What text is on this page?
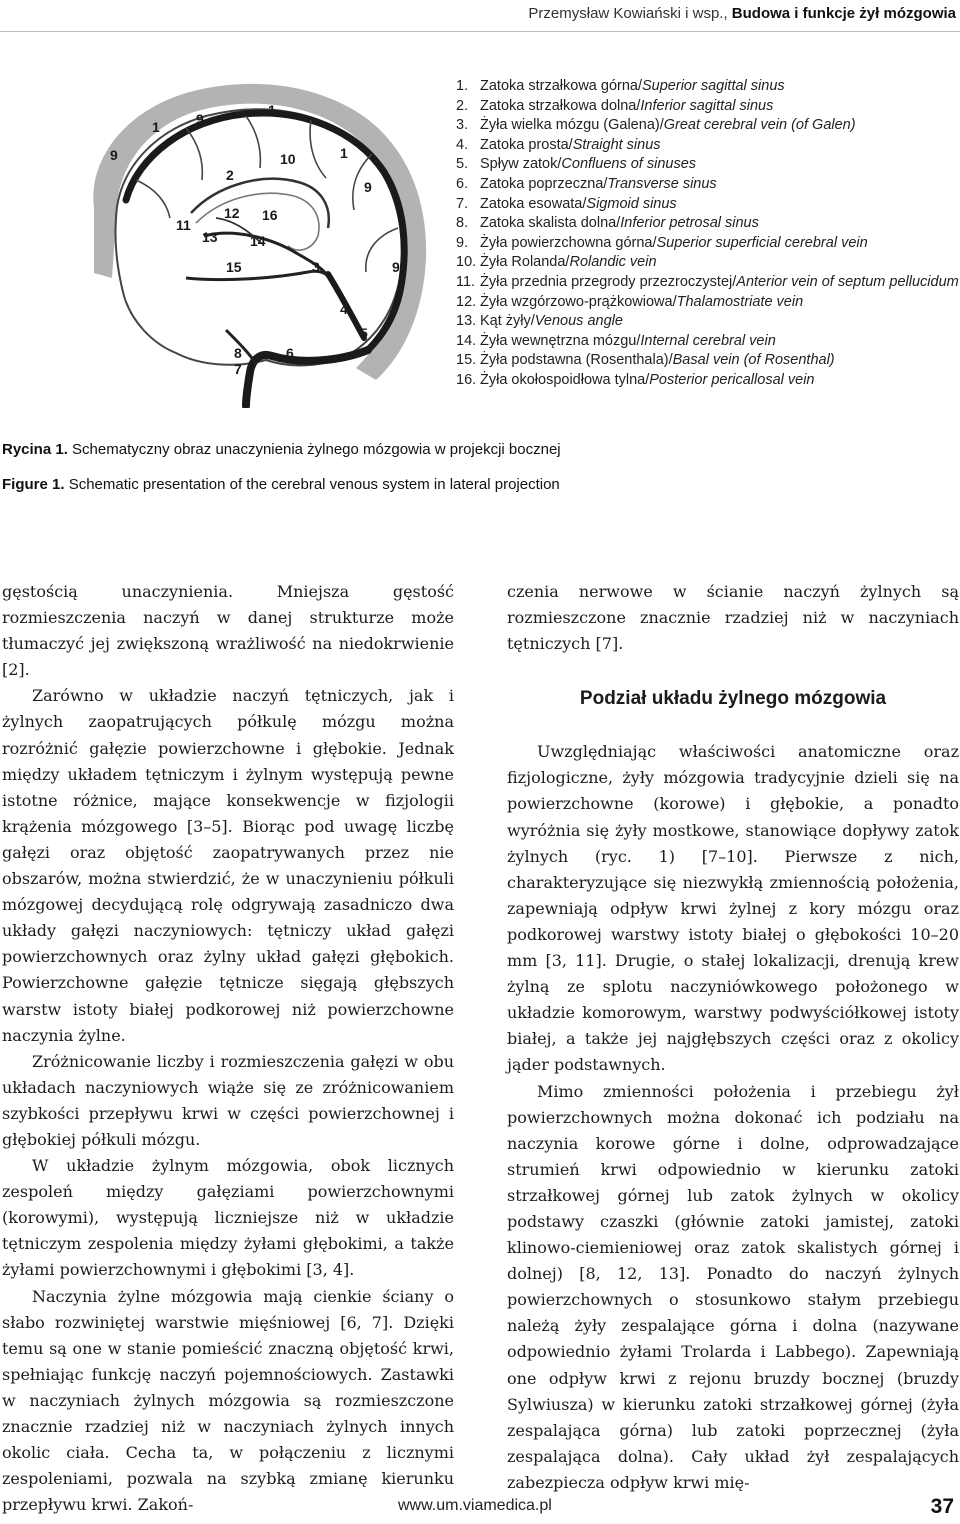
Przemysław Kowiański i wsp., Budowa i funkcje żył mózgowia
1	9
1
9	10	1
9
2
12 16
11
13 14
15	3	9
4
5
8
7
6
1. Zatoka strzałkowa górna/Superior sagittal sinus
2. Zatoka strzałkowa dolna/Inferior sagittal sinus
3. Żyła wielka mózgu (Galena)/Great cerebral vein (of Galen)
4. Zatoka prosta/Straight sinus
5. Spływ zatok/Confluens of sinuses
6. Zatoka poprzeczna/Transverse sinus
7. Zatoka esowata/Sigmoid sinus
8. Zatoka skalista dolna/Inferior petrosal sinus
9. Żyła powierzchowna górna/Superior superficial cerebral vein
10. Żyła Rolanda/Rolandic vein
11. Żyła przednia przegrody przezroczystej/Anterior vein of septum pellucidum
12. Żyła wzgórzowo-prążkowiowa/Thalamostriate vein
13. Kąt żyły/Venous angle
14. Żyła wewnętrzna mózgu/Internal cerebral vein
15. Żyła podstawna (Rosenthala)/Basal vein (of Rosenthal)
16. Żyła okołospoidłowa tylna/Posterior pericallosal vein
Rycina 1. Schematyczny obraz unaczynienia żylnego mózgowia w projekcji bocznej
Figure 1. Schematic presentation of the cerebral venous system in lateral projection

gęstością unaczynienia. Mniejsza gęstość rozmieszczenia naczyń w danej strukturze może tłumaczyć jej zwiększoną wrażliwość na niedokrwienie [2].

Zarówno w układzie naczyń tętniczych, jak i żylnych zaopatrujących półkulę mózgu można rozróżnić gałęzie powierzchowne i głębokie. Jednak między układem tętniczym i żylnym występują pewne istotne różnice, mające konsekwencje w fizjologii krążenia mózgowego [3–5]. Biorąc pod uwagę liczbę gałęzi oraz objętość zaopatrywanych przez nie obszarów, można stwierdzić, że w unaczynieniu półkuli mózgowej decydującą rolę odgrywają zasadniczo dwa układy gałęzi naczyniowych: tętniczy układ gałęzi powierzchownych oraz żylny układ gałęzi głębokich. Powierzchowne gałęzie tętnicze sięgają głębszych warstw istoty białej podkorowej niż powierzchowne naczynia żylne.

Zróżnicowanie liczby i rozmieszczenia gałęzi w obu układach naczyniowych wiąże się ze zróżnicowaniem szybkości przepływu krwi w części powierzchownej i głębokiej półkuli mózgu.

W układzie żylnym mózgowia, obok licznych zespoleń między gałęziami powierzchownymi (korowymi), występują liczniejsze niż w układzie tętniczym zespolenia między żyłami głębokimi, a także żyłami powierzchownymi i głębokimi [3, 4].

Naczynia żylne mózgowia mają cienkie ściany o słabo rozwiniętej warstwie mięśniowej [6, 7]. Dzięki temu są one w stanie pomieścić znaczną objętość krwi, spełniając funkcję naczyń pojemnościowych. Zastawki w naczyniach żylnych mózgowia są rozmieszczone znacznie rzadziej niż w naczyniach żylnych innych okolic ciała. Cecha ta, w połączeniu z licznymi zespoleniami, pozwala na szybką zmianę kierunku przepływu krwi. Zakoń-

czenia nerwowe w ścianie naczyń żylnych są rozmieszczone znacznie rzadziej niż w naczyniach tętniczych [7].

Podział układu żylnego mózgowia

Uwzględniając właściwości anatomiczne oraz fizjologiczne, żyły mózgowia tradycyjnie dzieli się na powierzchowne (korowe) i głębokie, a ponadto wyróżnia się żyły mostkowe, stanowiące dopływy zatok żylnych (ryc. 1) [7–10]. Pierwsze z nich, charakteryzujące się niezwykłą zmiennością położenia, zapewniają odpływ krwi żylnej z kory mózgu oraz podkorowej warstwy istoty białej o głębokości 10–20 mm [3, 11]. Drugie, o stałej lokalizacji, drenują krew żylną ze splotu naczyniówkowego położonego w układzie komorowym, warstwy podwyściółkowej istoty białej, a także jej najgłębszych części oraz z okolicy jąder podstawnych.

Mimo zmienności położenia i przebiegu żył powierzchownych można dokonać ich podziału na naczynia korowe górne i dolne, odprowadzające strumień krwi odpowiednio w kierunku zatoki strzałkowej górnej lub zatok żylnych w okolicy podstawy czaszki (głównie zatoki jamistej, zatoki klinowo-ciemieniowej oraz zatok skalistych górnej i dolnej) [8, 12, 13]. Ponadto do naczyń żylnych powierzchownych o stosunkowo stałym przebiegu należą żyły zespalające górna i dolna (nazywane odpowiednio żyłami Trolarda i Labbego). Zapewniają one odpływ krwi z rejonu bruzdy bocznej (bruzdy Sylwiusza) w kierunku zatoki strzałkowej górnej (żyła zespalająca górna) lub zatoki poprzecznej (żyła zespalająca dolna). Cały układ żył zespalających zabezpiecza odpływ krwi mię-

www.um.viamedica.pl	37
